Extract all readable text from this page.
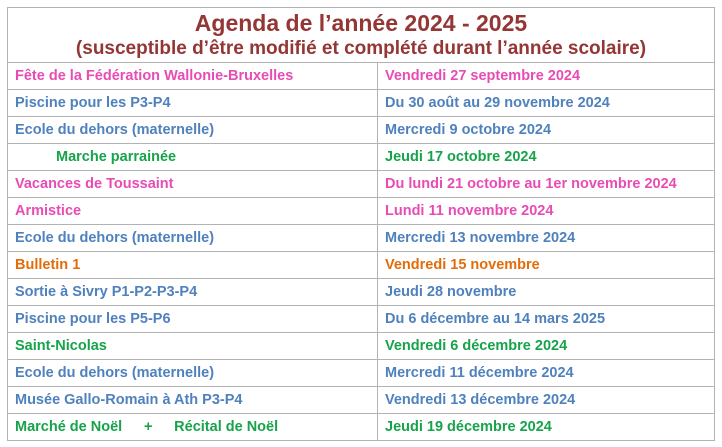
Agenda de l’année 2024 - 2025
(susceptible d’être modifié et complété durant l’année scolaire)	

Fête de la Fédération Wallonie-Bruxelles	Vendredi 27 septembre 2024
Piscine pour les P3-P4	Du 30 août au 29 novembre 2024
Ecole du dehors (maternelle)	Mercredi 9 octobre 2024
Marche parrainée	Jeudi 17 octobre 2024
Vacances de Toussaint	Du lundi 21 octobre au 1er novembre 2024
Armistice	Lundi 11 novembre 2024
Ecole du dehors (maternelle)	Mercredi 13 novembre 2024
Bulletin 1	Vendredi 15 novembre
Sortie à Sivry P1-P2-P3-P4	Jeudi 28 novembre
Piscine pour les P5-P6	Du 6 décembre au 14 mars 2025
Saint-Nicolas	Vendredi 6 décembre 2024
Ecole du dehors (maternelle)	Mercredi 11 décembre 2024
Musée Gallo-Romain à Ath P3-P4	Vendredi 13 décembre 2024
Marché de Noël + Récital de Noël	Jeudi 19 décembre 2024
